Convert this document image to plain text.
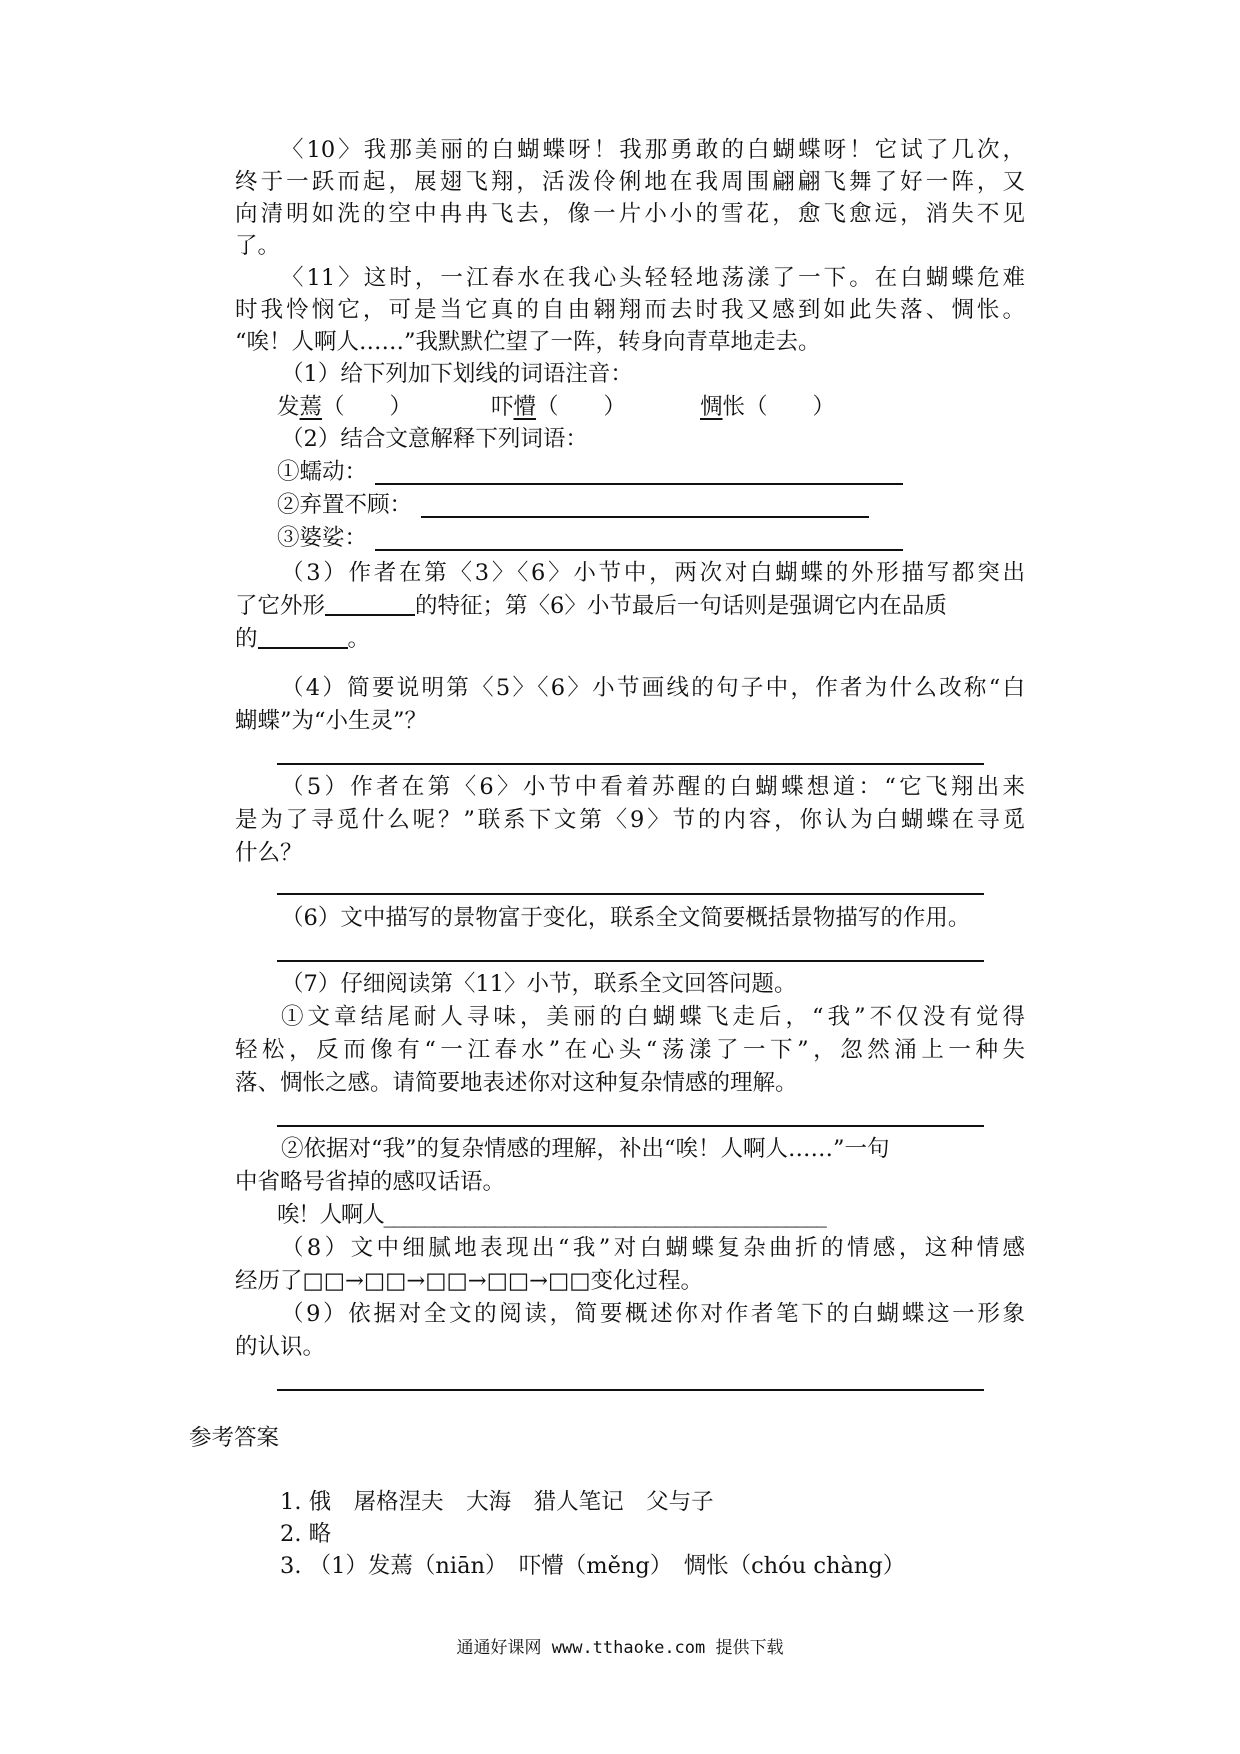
〈10〉我那美丽的白蝴蝶呀！我那勇敢的白蝴蝶呀！它试了几次，
终于一跃而起，展翅飞翔，活泼伶俐地在我周围翩翩飞舞了好一阵，又
向清明如洗的空中冉冉飞去，像一片小小的雪花，愈飞愈远，消失不见
了。
〈11〉这时，一江春水在我心头轻轻地荡漾了一下。在白蝴蝶危难
时我怜悯它，可是当它真的自由翱翔而去时我又感到如此失落、惆怅。
“唉！人啊人……”我默默伫望了一阵，转身向青草地走去。
（1）给下列加下划线的词语注音：
发蔫（　　）	吓懵（　　）	惆怅（　　）
（2）结合文意解释下列词语：
①蠕动：
②弃置不顾：
③婆娑：
（3）作者在第〈3〉〈6〉小节中，两次对白蝴蝶的外形描写都突出
了它外形	的特征；第〈6〉小节最后一句话则是强调它内在品质
的	。
（4）简要说明第〈5〉〈6〉小节画线的句子中，作者为什么改称“白
蝴蝶”为“小生灵”？
（5）作者在第〈6〉小节中看着苏醒的白蝴蝶想道：“它飞翔出来
是为了寻觅什么呢？”联系下文第〈9〉节的内容，你认为白蝴蝶在寻觅
什么？
（6）文中描写的景物富于变化，联系全文简要概括景物描写的作用。
（7）仔细阅读第〈11〉小节，联系全文回答问题。
①文章结尾耐人寻味，美丽的白蝴蝶飞走后，“我”不仅没有觉得
轻松，反而像有“一江春水”在心头“荡漾了一下”，忽然涌上一种失
落、惆怅之感。请简要地表述你对这种复杂情感的理解。
②依据对“我”的复杂情感的理解，补出“唉！人啊人……”一句
中省略号省掉的感叹话语。
唉！人啊人____________________________________________
（8）文中细腻地表现出“我”对白蝴蝶复杂曲折的情感，这种情感
经历了□□→□□→□□→□□→□□变化过程。
（9）依据对全文的阅读，简要概述你对作者笔下的白蝴蝶这一形象
的认识。
参考答案
1. 俄　屠格涅夫　大海　猎人笔记　父与子
2. 略
3. （1）发蔫（niān）　吓懵（měng）　惆怅（chóu chàng）
通通好课网 www.tthaoke.com 提供下载
